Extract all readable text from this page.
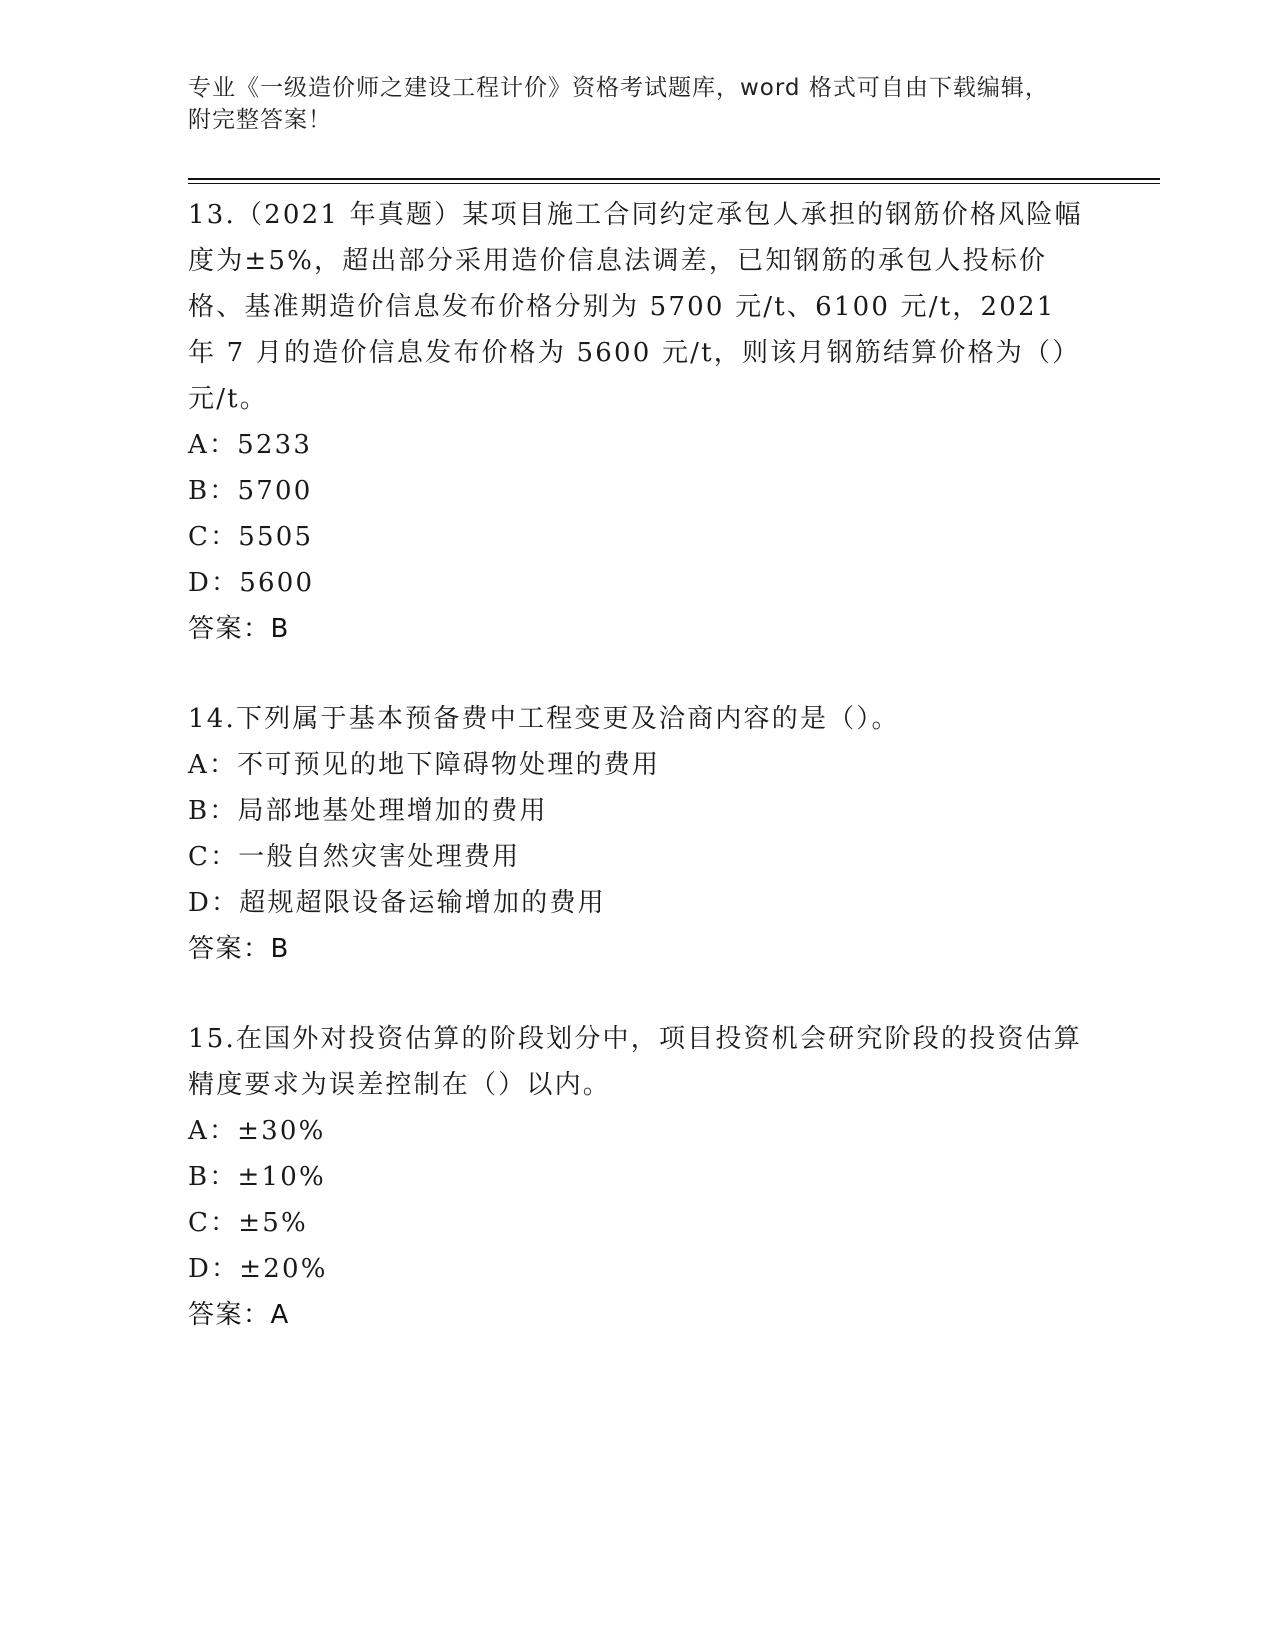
专业《一级造价师之建设工程计价》资格考试题库，word 格式可自由下载编辑，
附完整答案！

13.（2021 年真题）某项目施工合同约定承包人承担的钢筋价格风险幅度为±5%，超出部分采用造价信息法调差，已知钢筋的承包人投标价格、基准期造价信息发布价格分别为 5700 元/t、6100 元/t，2021 年 7 月的造价信息发布价格为 5600 元/t，则该月钢筋结算价格为（）元/t。

A：5233
B：5700
C：5505
D：5600
答案：B

14.下列属于基本预备费中工程变更及洽商内容的是（）。

A：不可预见的地下障碍物处理的费用
B：局部地基处理增加的费用
C：一般自然灾害处理费用
D：超规超限设备运输增加的费用
答案：B

15.在国外对投资估算的阶段划分中，项目投资机会研究阶段的投资估算精度要求为误差控制在（）以内。

A：±30%
B：±10%
C：±5%
D：±20%
答案：A
